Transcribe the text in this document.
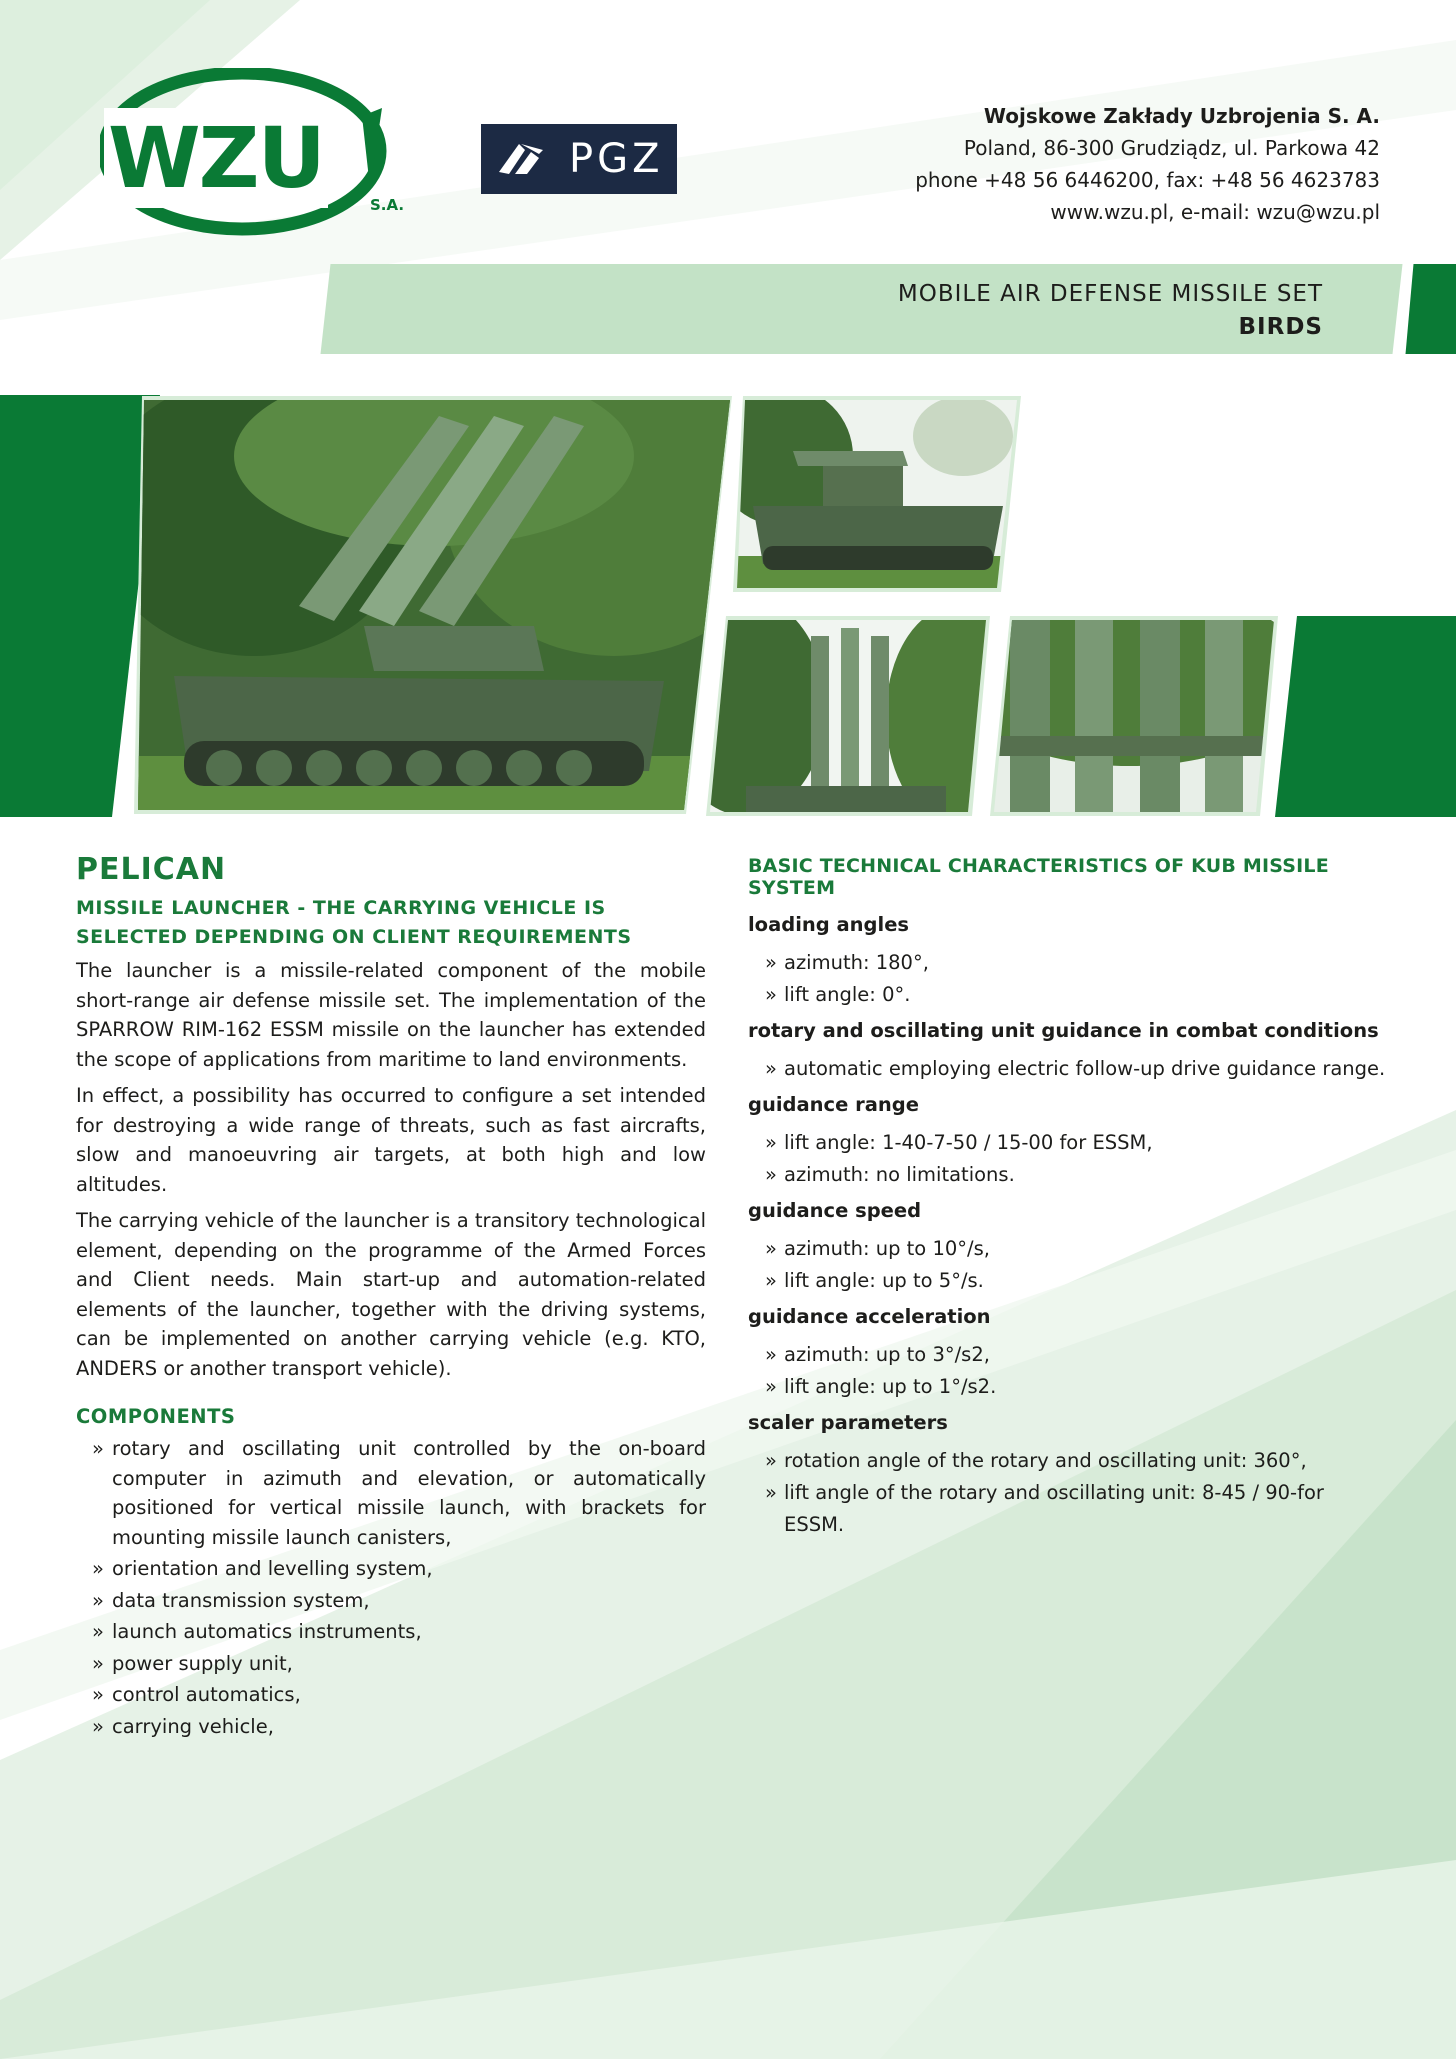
WZU	S.A.
PGZ
Wojskowe Zakłady Uzbrojenia S. A.
Poland, 86-300 Grudziądz, ul. Parkowa 42
phone +48 56 6446200, fax: +48 56 4623783
www.wzu.pl, e-mail: wzu@wzu.pl
MOBILE AIR DEFENSE MISSILE SET
BIRDS
PELICAN
MISSILE LAUNCHER - THE CARRYING VEHICLE IS SELECTED DEPENDING ON CLIENT REQUIREMENTS

The launcher is a missile-related component of the mobile short-range air defense missile set. The implementation of the SPARROW RIM-162 ESSM missile on the launcher has extended the scope of applications from maritime to land environments.

In effect, a possibility has occurred to configure a set intended for destroying a wide range of threats, such as fast aircrafts, slow and manoeuvring air targets, at both high and low altitudes.

The carrying vehicle of the launcher is a transitory technological element, depending on the programme of the Armed Forces and Client needs. Main start-up and automation-related elements of the launcher, together with the driving systems, can be implemented on another carrying vehicle (e.g. KTO, ANDERS or another transport vehicle).

COMPONENTS
» rotary and oscillating unit controlled by the on-board computer in azimuth and elevation, or automatically positioned for vertical missile launch, with brackets for mounting missile launch canisters,
» orientation and levelling system,
» data transmission system,
» launch automatics instruments,
» power supply unit,
» control automatics,
» carrying vehicle,
BASIC TECHNICAL CHARACTERISTICS OF KUB MISSILE SYSTEM
loading angles
» azimuth: 180°,
» lift angle: 0°.
rotary and oscillating unit guidance in combat conditions
» automatic employing electric follow-up drive guidance range.
guidance range
» lift angle: 1-40-7-50 / 15-00 for ESSM,
» azimuth: no limitations.
guidance speed
» azimuth: up to 10°/s,
» lift angle: up to 5°/s.
guidance acceleration
» azimuth: up to 3°/s2,
» lift angle: up to 1°/s2.
scaler parameters
» rotation angle of the rotary and oscillating unit: 360°,
» lift angle of the rotary and oscillating unit: 8-45 / 90-for ESSM.
